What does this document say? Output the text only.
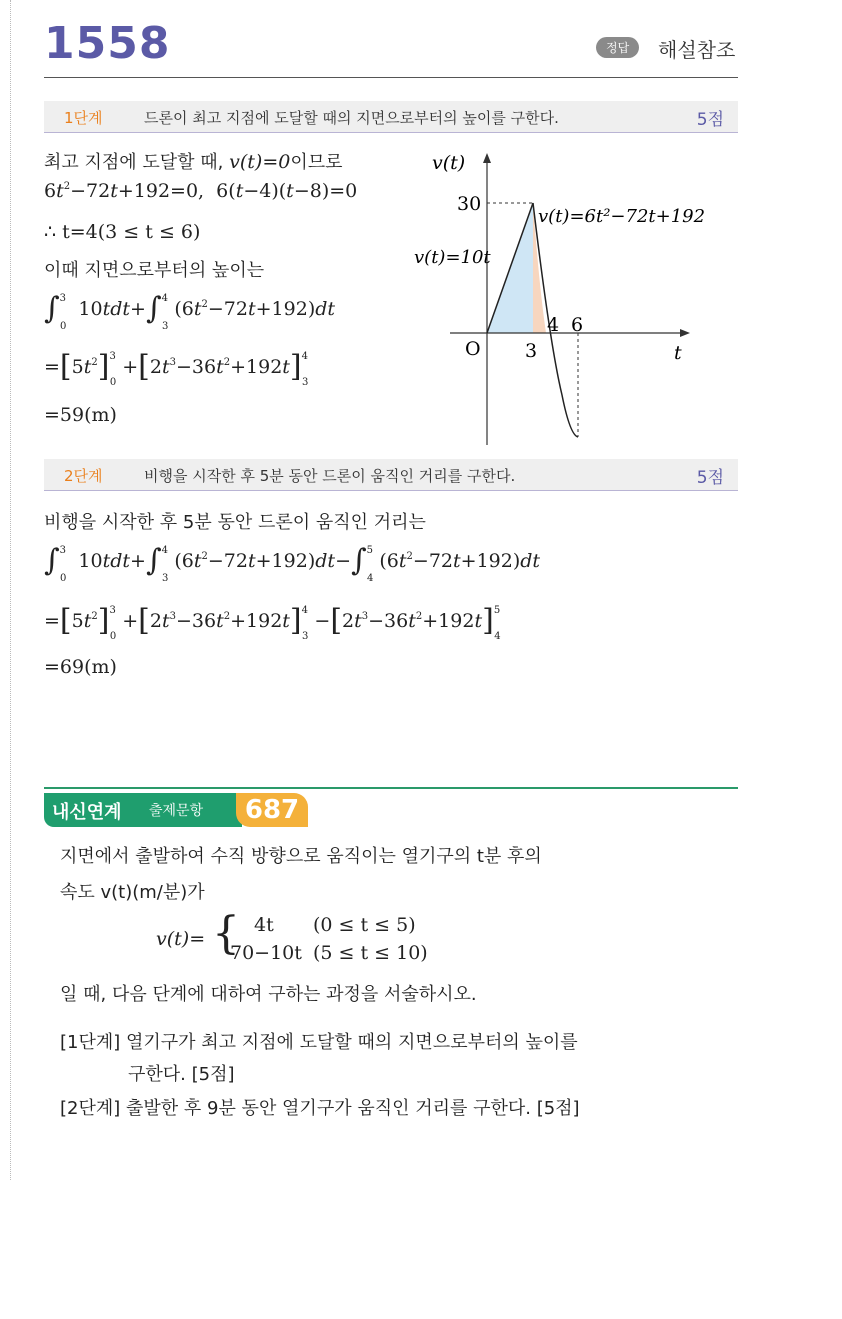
1558	정답	해설참조
1단계	드론이 최고 지점에 도달할 때의 지면으로부터의 높이를 구한다.	5점
최고 지점에 도달할 때, v(t)=0이므로
$6t^2-72t+192=0$,  6(t−4)(t−8)=0
∴ t=4(3 ≤ t ≤ 6)
이때 지면으로부터의 높이는
∫$^3_0$ $10tdt+\int^4_3(6t^2-72t+192)dt$
$=[5t^2]^3_0+[2t^3-36t^2+192t]^4_3$
=59(m)
v(t)
t
O
30
3
4 6
v(t)=6t²−72t+192
v(t)=10t
2단계	비행을 시작한 후 5분 동안 드론이 움직인 거리를 구한다.	5점
비행을 시작한 후 5분 동안 드론이 움직인 거리는
∫$^3_0$ $10tdt+\int^4_3(6t^2-72t+192)dt-\int^5_4(6t^2-72t+192)dt$
$=[5t^2]^3_0+[2t^3-36t^2+192t]^4_3-[2t^3-36t^2+192t]^5_4$
=69(m)
내신연계 출제문항	687
지면에서 출발하여 수직 방향으로 움직이는 열기구의 t분 후의
속도 v(t)(m/분)가
v(t)= { 4t (0 ≤ t ≤ 5)
70−10t (5 ≤ t ≤ 10)
일 때, 다음 단계에 대하여 구하는 과정을 서술하시오.
[1단계] 열기구가 최고 지점에 도달할 때의 지면으로부터의 높이를
구한다. [5점]
[2단계] 출발한 후 9분 동안 열기구가 움직인 거리를 구한다. [5점]
